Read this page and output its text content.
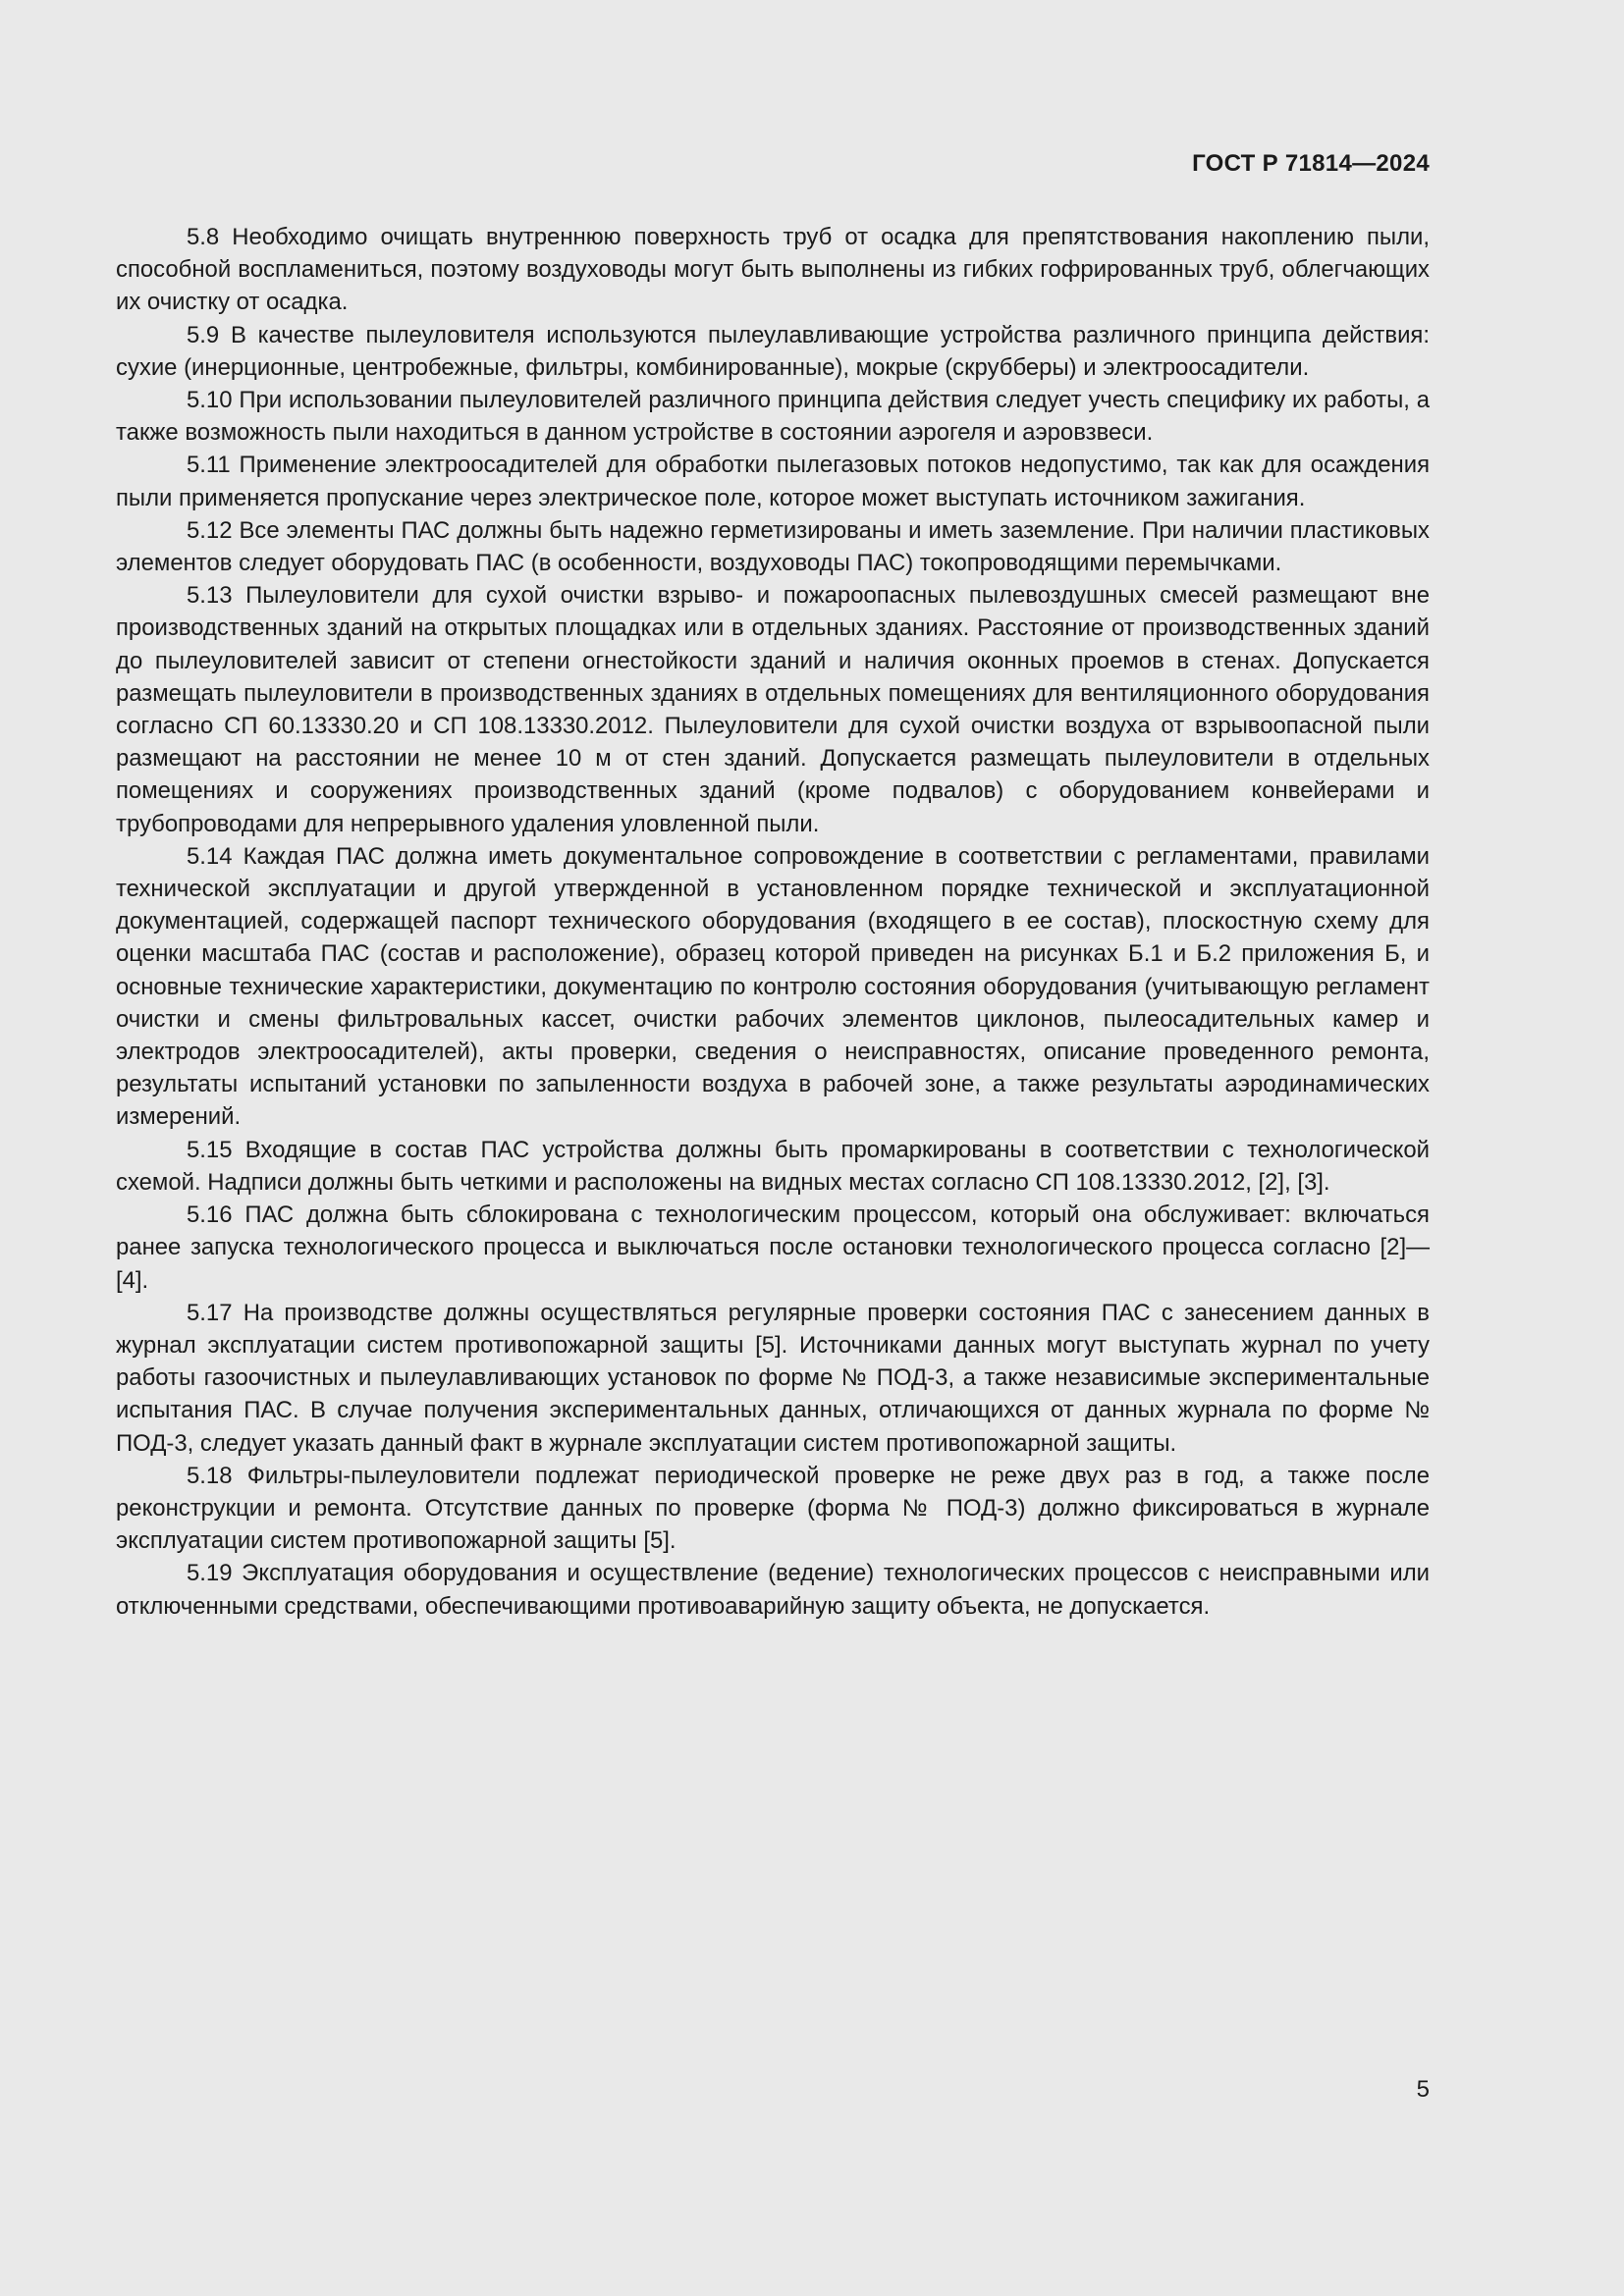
ГОСТ Р 71814—2024

5.8 Необходимо очищать внутреннюю поверхность труб от осадка для препятствования накоплению пыли, способной воспламениться, поэтому воздуховоды могут быть выполнены из гибких гофрированных труб, облегчающих их очистку от осадка.

5.9 В качестве пылеуловителя используются пылеулавливающие устройства различного принципа действия: сухие (инерционные, центробежные, фильтры, комбинированные), мокрые (скрубберы) и электроосадители.

5.10 При использовании пылеуловителей различного принципа действия следует учесть специфику их работы, а также возможность пыли находиться в данном устройстве в состоянии аэрогеля и аэровзвеси.

5.11 Применение электроосадителей для обработки пылегазовых потоков недопустимо, так как для осаждения пыли применяется пропускание через электрическое поле, которое может выступать источником зажигания.

5.12 Все элементы ПАС должны быть надежно герметизированы и иметь заземление. При наличии пластиковых элементов следует оборудовать ПАС (в особенности, воздуховоды ПАС) токопроводящими перемычками.

5.13 Пылеуловители для сухой очистки взрыво- и пожароопасных пылевоздушных смесей размещают вне производственных зданий на открытых площадках или в отдельных зданиях. Расстояние от производственных зданий до пылеуловителей зависит от степени огнестойкости зданий и наличия оконных проемов в стенах. Допускается размещать пылеуловители в производственных зданиях в отдельных помещениях для вентиляционного оборудования согласно СП 60.13330.20 и СП 108.13330.2012. Пылеуловители для сухой очистки воздуха от взрывоопасной пыли размещают на расстоянии не менее 10 м от стен зданий. Допускается размещать пылеуловители в отдельных помещениях и сооружениях производственных зданий (кроме подвалов) с оборудованием конвейерами и трубопроводами для непрерывного удаления уловленной пыли.

5.14 Каждая ПАС должна иметь документальное сопровождение в соответствии с регламентами, правилами технической эксплуатации и другой утвержденной в установленном порядке технической и эксплуатационной документацией, содержащей паспорт технического оборудования (входящего в ее состав), плоскостную схему для оценки масштаба ПАС (состав и расположение), образец которой приведен на рисунках Б.1 и Б.2 приложения Б, и основные технические характеристики, документацию по контролю состояния оборудования (учитывающую регламент очистки и смены фильтровальных кассет, очистки рабочих элементов циклонов, пылеосадительных камер и электродов электроосадителей), акты проверки, сведения о неисправностях, описание проведенного ремонта, результаты испытаний установки по запыленности воздуха в рабочей зоне, а также результаты аэродинамических измерений.

5.15 Входящие в состав ПАС устройства должны быть промаркированы в соответствии с технологической схемой. Надписи должны быть четкими и расположены на видных местах согласно СП 108.13330.2012, [2], [3].

5.16 ПАС должна быть сблокирована с технологическим процессом, который она обслуживает: включаться ранее запуска технологического процесса и выключаться после остановки технологического процесса согласно [2]—[4].

5.17 На производстве должны осуществляться регулярные проверки состояния ПАС с занесением данных в журнал эксплуатации систем противопожарной защиты [5]. Источниками данных могут выступать журнал по учету работы газоочистных и пылеулавливающих установок по форме № ПОД-3, а также независимые экспериментальные испытания ПАС. В случае получения экспериментальных данных, отличающихся от данных журнала по форме № ПОД-3, следует указать данный факт в журнале эксплуатации систем противопожарной защиты.

5.18 Фильтры-пылеуловители подлежат периодической проверке не реже двух раз в год, а также после реконструкции и ремонта. Отсутствие данных по проверке (форма № ПОД-3) должно фиксироваться в журнале эксплуатации систем противопожарной защиты [5].

5.19 Эксплуатация оборудования и осуществление (ведение) технологических процессов с неисправными или отключенными средствами, обеспечивающими противоаварийную защиту объекта, не допускается.

5
